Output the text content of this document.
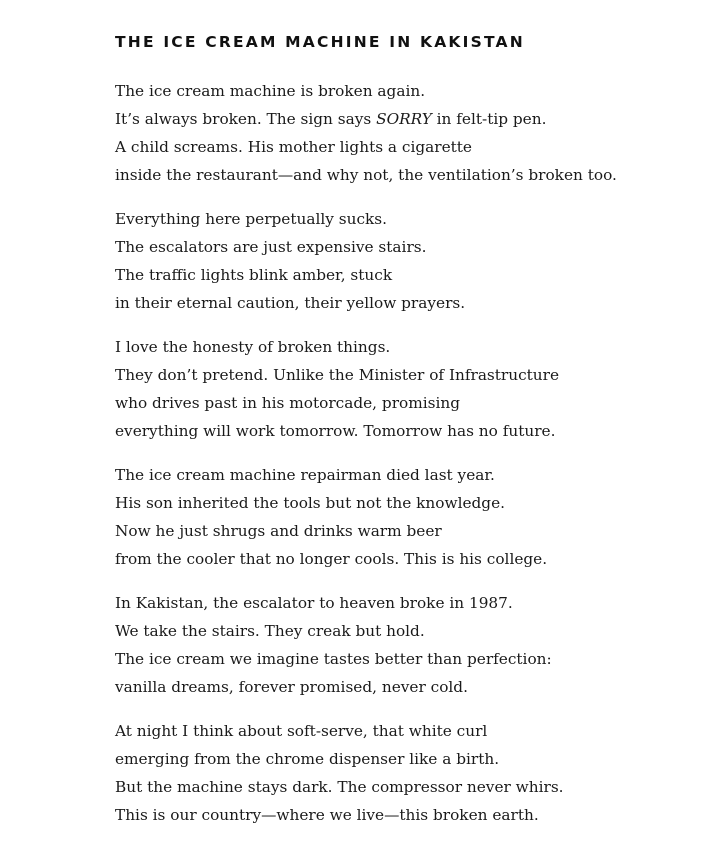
THE ICE CREAM MACHINE IN KAKISTAN
The ice cream machine is broken again.
It’s always broken. The sign says SORRY in felt-tip pen.
A child screams. His mother lights a cigarette
inside the restaurant—and why not, the ventilation’s broken too.
Everything here perpetually sucks.
The escalators are just expensive stairs.
The traffic lights blink amber, stuck
in their eternal caution, their yellow prayers.
I love the honesty of broken things.
They don’t pretend. Unlike the Minister of Infrastructure
who drives past in his motorcade, promising
everything will work tomorrow. Tomorrow has no future.
The ice cream machine repairman died last year.
His son inherited the tools but not the knowledge.
Now he just shrugs and drinks warm beer
from the cooler that no longer cools. This is his college.
In Kakistan, the escalator to heaven broke in 1987.
We take the stairs. They creak but hold.
The ice cream we imagine tastes better than perfection:
vanilla dreams, forever promised, never cold.
At night I think about soft-serve, that white curl
emerging from the chrome dispenser like a birth.
But the machine stays dark. The compressor never whirs.
This is our country—where we live—this broken earth.
